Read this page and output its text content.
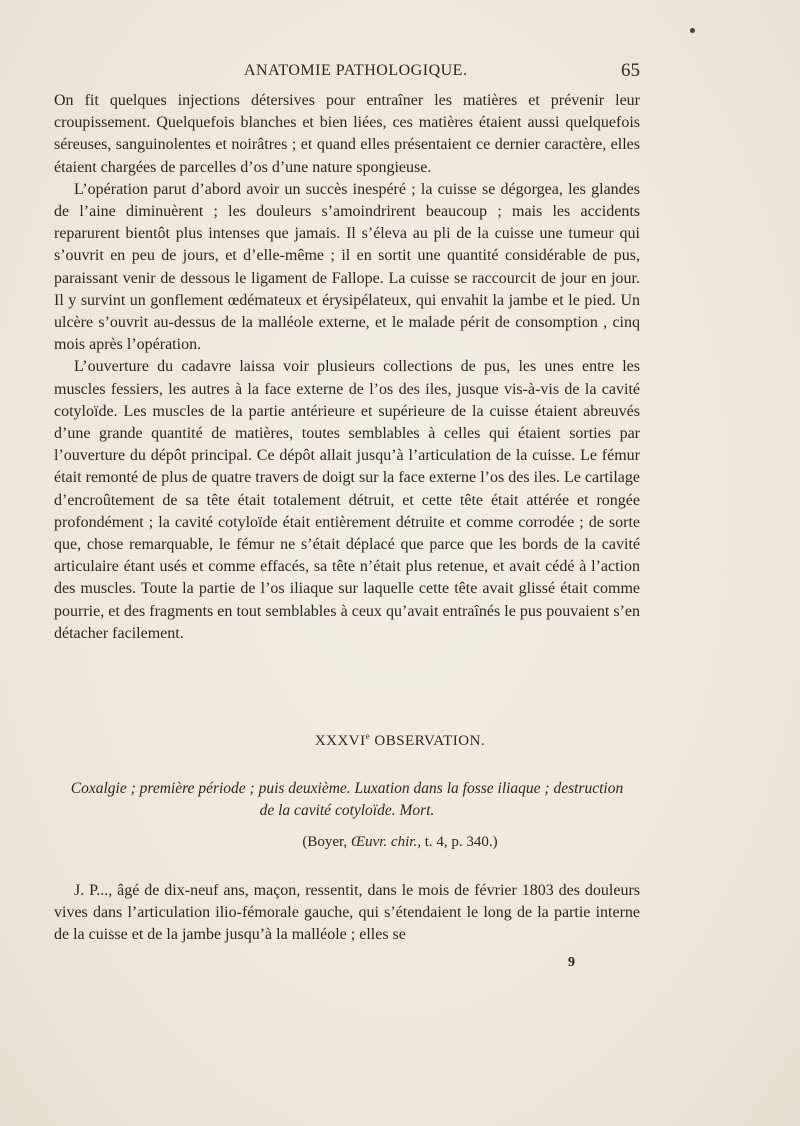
ANATOMIE PATHOLOGIQUE.	65

On fit quelques injections détersives pour entraîner les matières et prévenir leur croupissement. Quelquefois blanches et bien liées, ces matières étaient aussi quelquefois séreuses, sanguinolentes et noirâtres ; et quand elles présentaient ce dernier caractère, elles étaient chargées de parcelles d’os d’une nature spongieuse.

L’opération parut d’abord avoir un succès inespéré ; la cuisse se dégorgea, les glandes de l’aine diminuèrent ; les douleurs s’amoindrirent beaucoup ; mais les accidents reparurent bientôt plus intenses que jamais. Il s’éleva au pli de la cuisse une tumeur qui s’ouvrit en peu de jours, et d’elle-même ; il en sortit une quantité considérable de pus, paraissant venir de dessous le ligament de Fallope. La cuisse se raccourcit de jour en jour. Il y survint un gonflement œdémateux et érysipélateux, qui envahit la jambe et le pied. Un ulcère s’ouvrit au-dessus de la malléole externe, et le malade périt de consomption , cinq mois après l’opération.

L’ouverture du cadavre laissa voir plusieurs collections de pus, les unes entre les muscles fessiers, les autres à la face externe de l’os des iles, jusque vis-à-vis de la cavité cotyloïde. Les muscles de la partie antérieure et supérieure de la cuisse étaient abreuvés d’une grande quantité de matières, toutes semblables à celles qui étaient sorties par l’ouverture du dépôt principal. Ce dépôt allait jusqu’à l’articulation de la cuisse. Le fémur était remonté de plus de quatre travers de doigt sur la face externe l’os des iles. Le cartilage d’encroûtement de sa tête était totalement détruit, et cette tête était attérée et rongée profondément ; la cavité cotyloïde était entièrement détruite et comme corrodée ; de sorte que, chose remarquable, le fémur ne s’était déplacé que parce que les bords de la cavité articulaire étant usés et comme effacés, sa tête n’était plus retenue, et avait cédé à l’action des muscles. Toute la partie de l’os iliaque sur laquelle cette tête avait glissé était comme pourrie, et des fragments en tout semblables à ceux qu’avait entraînés le pus pouvaient s’en détacher facilement.

XXXVIe OBSERVATION.
Coxalgie ; première période ; puis deuxième. Luxation dans la fosse iliaque ; destruction
de la cavité cotyloïde. Mort.
(Boyer, Œuvr. chir., t. 4, p. 340.)

J. P..., âgé de dix-neuf ans, maçon, ressentit, dans le mois de février 1803 des douleurs vives dans l’articulation ilio-fémorale gauche, qui s’étendaient le long de la partie interne de la cuisse et de la jambe jusqu’à la malléole ; elles se

9
